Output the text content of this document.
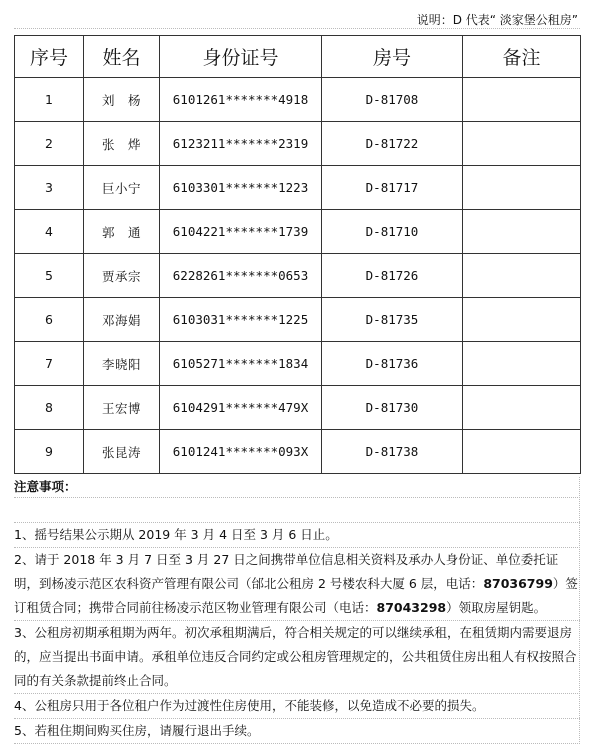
说明：D 代表“ 淡家堡公租房”
序号	姓名	身份证号	房号	备注
1	刘　杨	6101261*******4918	D-81708	
2	张　烨	6123211*******2319	D-81722	
3	巨小宁	6103301*******1223	D-81717	
4	郭　通	6104221*******1739	D-81710	
5	贾承宗	6228261*******0653	D-81726	
6	邓海娟	6103031*******1225	D-81735	
7	李晓阳	6105271*******1834	D-81736	
8	王宏博	6104291*******479X	D-81730	
9	张昆涛	6101241*******093X	D-81738	
注意事项：
1、摇号结果公示期从 2019 年 3 月 4 日至 3 月 6 日止。
2、请于 2018 年 3 月 7 日至 3 月 27 日之间携带单位信息相关资料及承办人身份证、单位委托证明，到杨凌示范区农科资产管理有限公司（邰北公租房 2 号楼农科大厦 6 层，电话：87036799）签订租赁合同；携带合同前往杨凌示范区物业管理有限公司（电话：87043298）领取房屋钥匙。
3、公租房初期承租期为两年。初次承租期满后，符合相关规定的可以继续承租，在租赁期内需要退房的，应当提出书面申请。承租单位违反合同约定或公租房管理规定的，公共租赁住房出租人有权按照合同的有关条款提前终止合同。
4、公租房只用于各位租户作为过渡性住房使用，不能装修，以免造成不必要的损失。
5、若租住期间购买住房，请履行退出手续。
